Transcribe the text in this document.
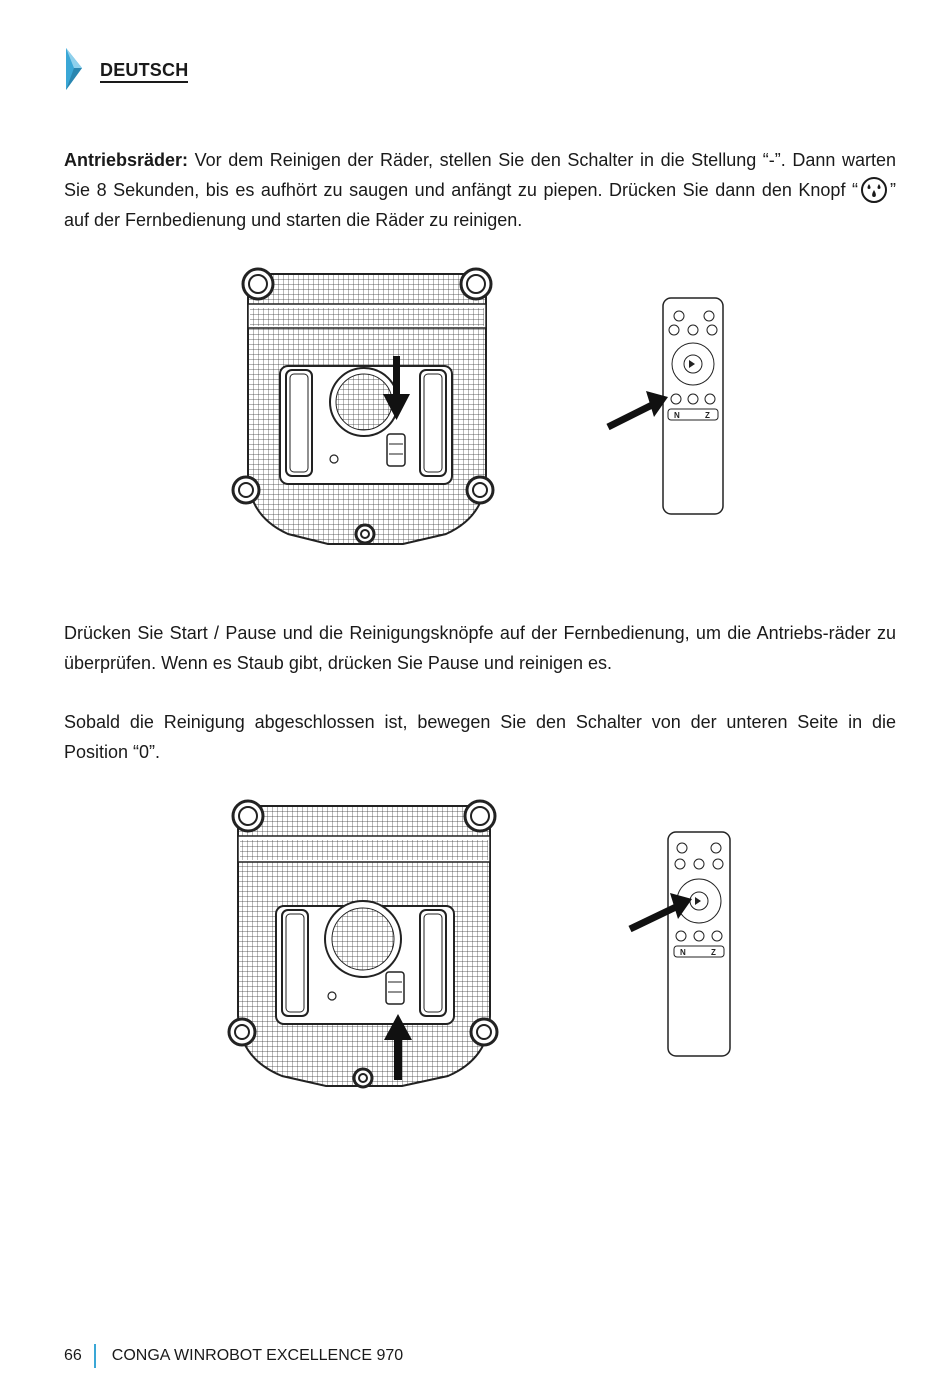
DEUTSCH
Antriebsräder: Vor dem Reinigen der Räder, stellen Sie den Schalter in die Stellung “-”. Dann warten Sie 8 Sekunden, bis es aufhört zu saugen und anfängt zu piepen. Drücken Sie dann den Knopf “ ” auf der Fernbedienung und starten die Räder zu reinigen.
N	Z
Drücken Sie Start / Pause und die Reinigungsknöpfe auf der Fernbedienung, um die Antriebs-räder zu überprüfen. Wenn es Staub gibt, drücken Sie Pause und reinigen es.
Sobald die Reinigung abgeschlossen ist, bewegen Sie den Schalter von der unteren Seite in die Position “0”.
N	Z
66 CONGA WINROBOT EXCELLENCE 970
